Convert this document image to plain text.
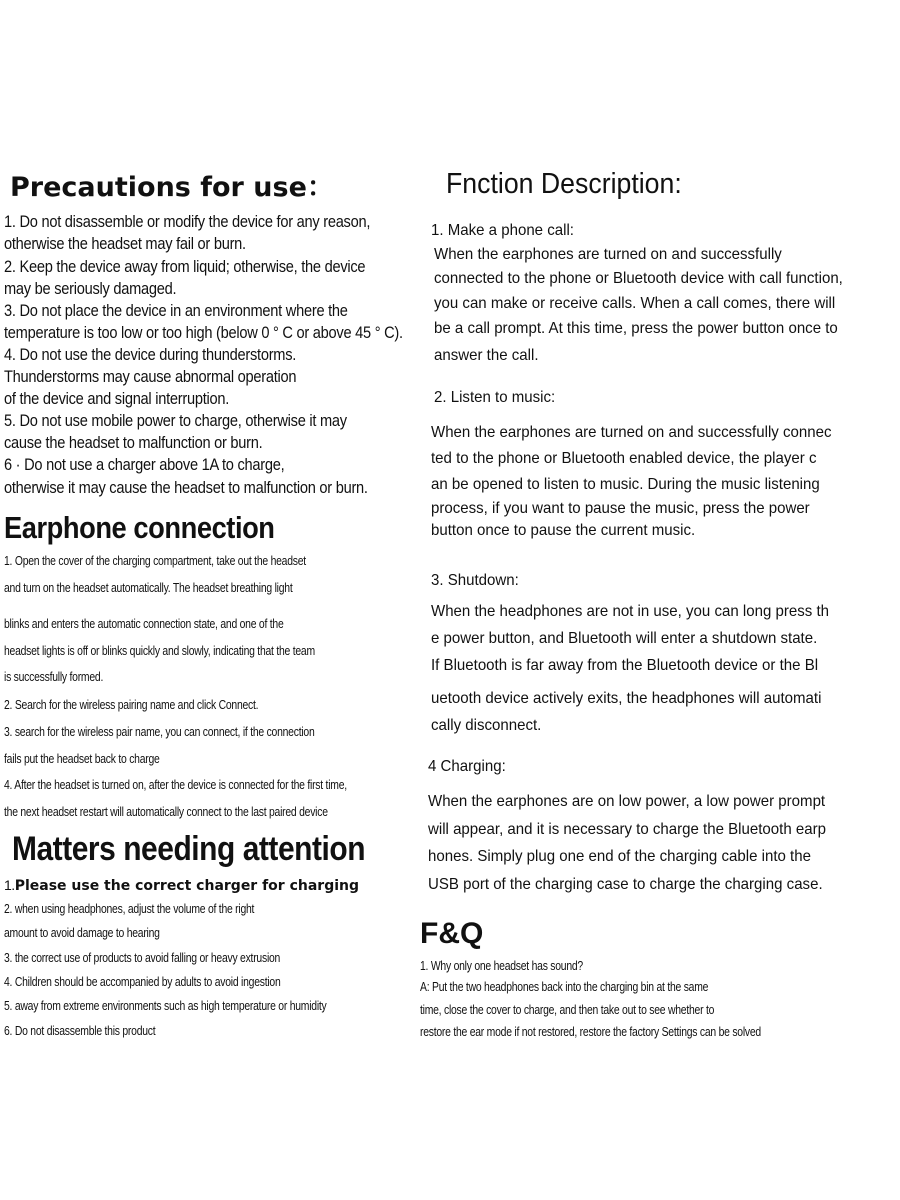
Precautions for use：
1. Do not disassemble or modify the device for any reason,
otherwise the headset may fail or burn.
2. Keep the device away from liquid; otherwise, the device
may be seriously damaged.
3. Do not place the device in an environment where the
temperature is too low or too high (below 0 ° C or above 45 ° C).
4. Do not use the device during thunderstorms.
Thunderstorms may cause abnormal operation
of the device and signal interruption.
5. Do not use mobile power to charge, otherwise it may
cause the headset to malfunction or burn.
6 · Do not use a charger above 1A to charge,
otherwise it may cause the headset to malfunction or burn.
Earphone connection
1. Open the cover of the charging compartment, take out the headset
and turn on the headset automatically. The headset breathing light
blinks and enters the automatic connection state, and one of the
headset lights is off or blinks quickly and slowly, indicating that the team
is successfully formed.
2. Search for the wireless pairing name and click Connect.
3. search for the wireless pair name, you can connect, if the connection
fails put the headset back to charge
4. After the headset is turned on, after the device is connected for the first time,
the next headset restart will automatically connect to the last paired device
Matters needing attention
1.Please use the correct charger for charging
2. when using headphones, adjust the volume of the right
amount to avoid damage to hearing
3. the correct use of products to avoid falling or heavy extrusion
4. Children should be accompanied by adults to avoid ingestion
5. away from extreme environments such as high temperature or humidity
6. Do not disassemble this product
Fnction Description:
1. Make a phone call:
When the earphones are turned on and successfully
connected to the phone or Bluetooth device with call function,
you can make or receive calls. When a call comes, there will
be a call prompt. At this time, press the power button once to
answer the call.
2. Listen to music:
When the earphones are turned on and successfully connec
ted to the phone or Bluetooth enabled device, the player c
an be opened to listen to music. During the music listening
process, if you want to pause the music, press the power
button once to pause the current music.
3. Shutdown:
When the headphones are not in use, you can long press th
e power button, and Bluetooth will enter a shutdown state.
If Bluetooth is far away from the Bluetooth device or the Bl
uetooth device actively exits, the headphones will automati
cally disconnect.
4 Charging:
When the earphones are on low power, a low power prompt
will appear, and it is necessary to charge the Bluetooth earp
hones. Simply plug one end of the charging cable into the
USB port of the charging case to charge the charging case.
F&Q
1. Why only one headset has sound?
A: Put the two headphones back into the charging bin at the same
time, close the cover to charge, and then take out to see whether to
restore the ear mode if not restored, restore the factory Settings can be solved
